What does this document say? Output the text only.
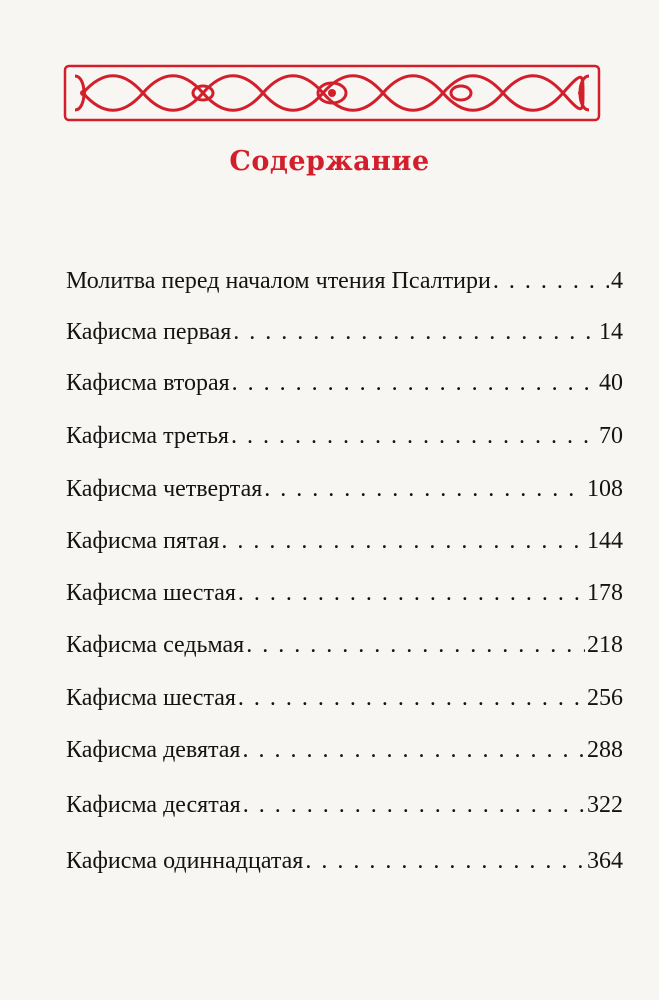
Содержание
Молитва перед началом чтения Псалтири . . .	4
Кафисма первая . . .	14
Кафисма вторая . . .	40
Кафисма третья . . .	70
Кафисма четвертая . . .	108
Кафисма пятая . . .	144
Кафисма шестая . . .	178
Кафисма седьмая . . .	218
Кафисма шестая . . .	256
Кафисма девятая . . .	288
Кафисма десятая . . .	322
Кафисма одиннадцатая . . .	364
